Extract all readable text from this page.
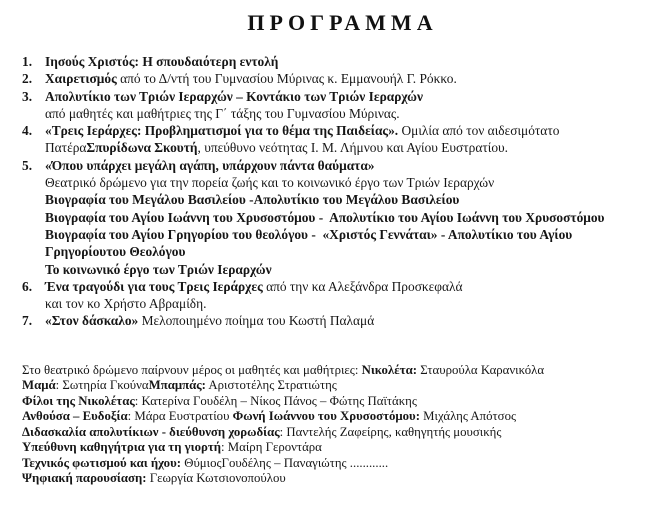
ΠΡΟΓΡΑΜΜΑ
1. Ιησούς Χριστός: Η σπουδαιότερη εντολή
2. Χαιρετισμός από το Δ/ντή του Γυμνασίου Μύρινας κ. Εμμανουήλ Γ. Ρόκκο.
3. Απολυτίκιο των Τριών Ιεραρχών – Κοντάκιο των Τριών Ιεραρχών
από μαθητές και μαθήτριες της Γ΄ τάξης του Γυμνασίου Μύρινας.
4. «Τρεις Ιεράρχες: Προβληματισμοί για το θέμα της Παιδείας». Ομιλία από τον αιδεσιμότατο
ΠατέραΣπυρίδωνα Σκουτή, υπεύθυνο νεότητας Ι. Μ. Λήμνου και Αγίου Ευστρατίου.
5. «Όπου υπάρχει μεγάλη αγάπη, υπάρχουν πάντα θαύματα»
Θεατρικό δρώμενο για την πορεία ζωής και το κοινωνικό έργο των Τριών Ιεραρχών
Βιογραφία του Μεγάλου Βασιλείου -Απολυτίκιο του Μεγάλου Βασιλείου
Βιογραφία του Αγίου Ιωάννη του Χρυσοστόμου -  Απολυτίκιο του Αγίου Ιωάννη του Χρυσοστόμου
Βιογραφία του Αγίου Γρηγορίου του θεολόγου -  «Χριστός Γεννάται» - Απολυτίκιο του Αγίου
Γρηγορίουτου Θεολόγου
Το κοινωνικό έργο των Τριών Ιεραρχών
6. Ένα τραγούδι για τους Τρεις Ιεράρχες από την κα Αλεξάνδρα Προσκεφαλά
και τον κο Χρήστο Αβραμίδη.
7. «Στον δάσκαλο» Μελοποιημένο ποίημα του Κωστή Παλαμά
Στο θεατρικό δρώμενο παίρνουν μέρος οι μαθητές και μαθήτριες: Νικολέτα: Σταυρούλα Καρανικόλα
Μαμά: Σωτηρία ΓκούναΜπαμπάς: Αριστοτέλης Στρατιώτης
Φίλοι της Νικολέτας: Κατερίνα Γουδέλη – Νίκος Πάνος – Φώτης Παϊτάκης
Ανθούσα – Ευδοξία: Μάρα Ευστρατίου Φωνή Ιωάννου του Χρυσοστόμου: Μιχάλης Απότσος
Διδασκαλία απολυτίκιων - διεύθυνση χορωδίας: Παντελής Ζαφείρης, καθηγητής μουσικής
Υπεύθυνη καθηγήτρια για τη γιορτή: Μαίρη Γεροντάρα
Τεχνικός φωτισμού και ήχου: ΘύμιοςΓουδέλης – Παναγιώτης ............
Ψηφιακή παρουσίαση: Γεωργία Κωτσιονοπούλου
